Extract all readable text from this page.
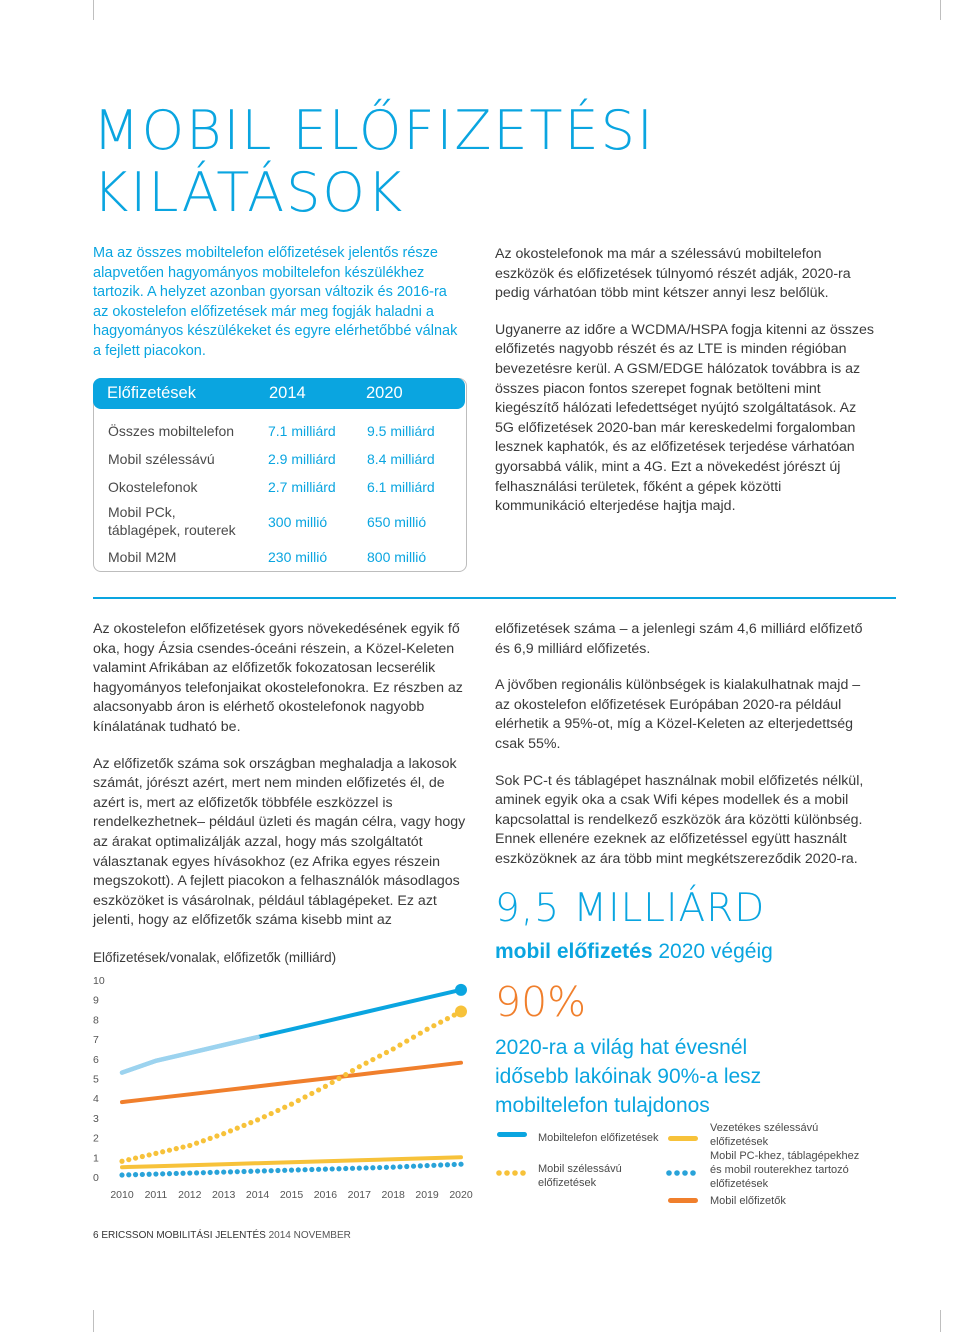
MOBIL ELŐFIZETÉSI
KILÁTÁSOK
Ma az összes mobiltelefon előfizetések jelentős része alapvetően hagyományos mobiltelefon készülékhez tartozik. A helyzet azonban gyorsan változik és 2016-ra az okostelefon előfizetések már meg fogják haladni a hagyományos készülékeket és egyre elérhetőbbé válnak a fejlett piacokon.
Előfizetések	2014	2020
Összes mobiltelefon 7.1 milliárd 9.5 milliárd
Mobil szélessávú	2.9 milliárd 8.4 milliárd
Okostelefonok	2.7 milliárd 6.1 milliárd
Mobil PCk,
táblagépek, routerek 300 millió	650 millió
Mobil M2M	230 millió	800 millió

Az okostelefonok ma már a szélessávú mobiltelefon eszközök és előfizetések túlnyomó részét adják, 2020-ra pedig várhatóan több mint kétszer annyi lesz belőlük.

Ugyanerre az időre a WCDMA/HSPA fogja kitenni az összes előfizetés nagyobb részét és az LTE is minden régióban bevezetésre kerül. A GSM/EDGE hálózatok továbbra is az összes piacon fontos szerepet fognak betölteni mint kiegészítő hálózati lefedettséget nyújtó szolgáltatások. Az 5G előfizetések 2020-ban már kereskedelmi forgalomban lesznek kaphatók, és az előfizetések terjedése várhatóan gyorsabbá válik, mint a 4G. Ezt a növekedést jórészt új felhasználási területek, főként a gépek közötti kommunikáció elterjedése hajtja majd.

Az okostelefon előfizetések gyors növekedésének egyik fő oka, hogy Ázsia csendes-óceáni részein, a Közel-Keleten valamint Afrikában az előfizetők fokozatosan lecserélik hagyományos telefonjaikat okostelefonokra. Ez részben az alacsonyabb áron is elérhető okostelefonok nagyobb kínálatának tudható be.

Az előfizetők száma sok országban meghaladja a lakosok számát, jórészt azért, mert nem minden előfizetés él, de azért is, mert az előfizetők többféle eszközzel is rendelkezhetnek– például üzleti és magán célra, vagy hogy az árakat optimalizálják azzal, hogy más szolgáltatót választanak egyes hívásokhoz (ez Afrika egyes részein megszokott). A fejlett piacokon a felhasználók másodlagos eszközöket is vásárolnak, például táblagépeket. Ez azt jelenti, hogy az előfizetők száma kisebb mint az

előfizetések száma – a jelenlegi szám 4,6 milliárd előfizető és 6,9 milliárd előfizetés.

A jövőben regionális különbségek is kialakulhatnak majd – az okostelefon előfizetések Európában 2020-ra például elérhetik a 95%-ot, míg a Közel-Keleten az elterjedettség csak 55%.

Sok PC-t és táblagépet használnak mobil előfizetés nélkül, aminek egyik oka a csak Wifi képes modellek és a mobil kapcsolattal is rendelkező eszközök ára közötti különbség. Ennek ellenére ezeknek az előfizetéssel együtt használt eszközöknek az ára több mint megkétszereződik 2020-ra.

9,5 MILLIÁRD
mobil előfizetés 2020 végéig
90%
2020-ra a világ hat évesnél idősebb lakóinak 90%-a lesz mobiltelefon tulajdonos
Előfizetések/vonalak, előfizetők (milliárd)
0
1
2
3
4
5
6
7
8
9
10
2010 2011 2012 2013 2014 2015 2016 2017 2018 2019 2020
Mobiltelefon előfizetések
Mobil szélessávú előfizetések
Vezetékes szélessávú előfizetések
Mobil PC-khez, táblagépekhez és mobil routerekhez tartozó előfizetések
Mobil előfizetők
6 ERICSSON MOBILITÁSI JELENTÉS 2014 NOVEMBER
